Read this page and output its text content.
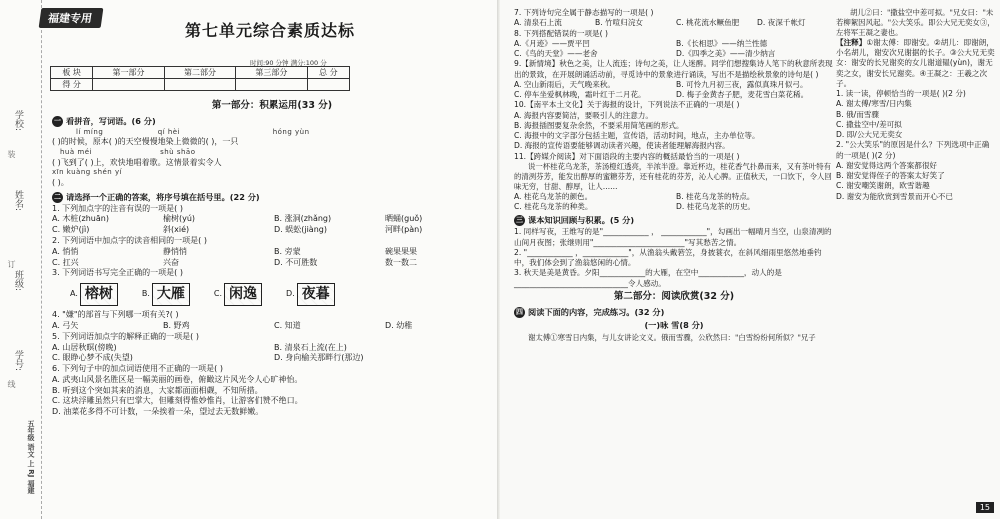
学校:
姓名:
班级:
学号:
装
订
线
五年级 语文 上 RJ 福建
福建专用
第七单元综合素质达标
时间:90 分钟 满分:100 分
板 块	第一部分	第二部分	第三部分	总 分
得 分				
第一部分：积累运用(33 分)
一 看拼音，写词语。(6 分)
lí míng                    qí hèi                                  hóng yùn
( )的时候，原本( )的天空慢慢地染上微微的( )，一只
huà méi                         shù shāo
( )飞到了( )上，欢快地唱着歌。这情景着实令人
xīn kuàng shén yí
( )。
二 请选择一个正确的答案，将序号填在括号里。(22 分)
1. 下列加点字的注音有误的一项是( )
A. 木桩(zhuān)	榆树(yú)	B. 涨洞(zhǎng)	晒蛹(guǒ)
C. 嫩炉(jì)	斜(xié)	D. 蜈蚣(jiàng)	河畔(pàn)
2. 下列词语中加点字的读音相同的一项是( )
A. 悄悄	静悄悄	B. 旁蒙	碗果果果
C. 扛兴	兴奋	D. 不可胜数	数一数二
3. 下列词语书写完全正确的一项是( )
A. 榕树	B. 大雁	C. 闲逸	D. 夜暮
4. "嫌"的部首与下列哪一项有关?( )
A. 弓矢	B. 野鸡	C. 知道	D. 幼稚
5. 下列词语加点字的解释正确的一项是( )
A. 山居秋暝(傍晚)	B. 清泉石上流(在上)
C. 眼睁心梦不成(失望)	D. 身向榆关那畔行(那边)
6. 下列句子中的加点词语使用不正确的一项是( )
A. 武夷山风景名胜区是一幅美丽的画卷，俯瞰这片风光令人心旷神怡。
B. 听到这个突如其来的消息，大家都面面相觑，不知所措。
C. 这块浮雕虽然只有巴掌大，但雕刻得惟妙惟肖，让游客们赞不绝口。
D. 油菜花多得不可计数，一朵挨着一朵，望过去无数鲜嫩。
7. 下列诗句完全属于静态描写的一项是( )
A. 清泉石上流	B. 竹喧归浣女	C. 桃花流水鳜鱼肥	D. 夜深千帐灯
8. 下列搭配错误的一项是( )
A.《月迹》——贾平凹	B.《长相思》——纳兰性德
C.《鸟的天堂》——老舍	D.《四季之美》——清少纳言
9.【新情境】秋色之美，让人流连；诗句之美，让人迷醉。同学们想搜集诗人笔下的秋意所表现出的景致，在开展朗诵活动前，寻觅诗中的景象进行诵读，写出不是描绘秋景象的诗句是( )
A. 空山新雨后，天气晚来秋。	B. 可怜九月初三夜，露似真珠月似弓。
C. 停车坐爱枫林晚，霜叶红于二月花。	D. 梅子金黄杏子肥，麦花雪白菜花稀。
10.【南平本土文化】关于海报的设计，下列说法不正确的一项是( )
A. 海报内容要简洁，要吸引人的注意力。
B. 海报插图要复杂余然，不要采用简笔画的形式。
C. 海报中的文字部分包括主题，宣传语，活动时间，地点，主办单位等。
D. 海报的宣传语要能够调动读者兴趣，使读者能理解海报内容。
11.【跨媒介阅读】对下面语段的主要内容的概括最恰当的一项是( )
说一杯桂花乌龙茶，茶汤橙红透亮，半浓半澄。靠近杯边，桂花香气扑鼻而来，又有茶叶特有的清洌芬芳，能发出醇厚的蜜糖芬芳，还有桂花的芬芳，沁人心脾。正值秋天，一口饮下，令人回味无穷，甘甜、醇厚，让人……
A. 桂花乌龙茶的颜色。	B. 桂花乌龙茶的特点。
C. 桂花乌龙茶的种类。	D. 桂花乌龙茶的历史。
三 课本知识回顾与积累。(5 分)
1. 同样写夜，王维写的是"____________ ， ____________"，勾画出一幅晴月当空，山泉清冽的山间月夜图；张继则用"________________________"写其愁苦之情。
2. "____________ ，____________"，从渔翁头戴箬笠，身披蓑衣，在斜风细雨里悠然地垂钓中，我们体会到了渔翁悠闲的心情。
3. 秋天是美是黄昏。夕阳____________的大雁，在空中____________，动人的是______________________________令人感动。
第二部分：阅读欣赏(32 分)
四 阅读下面的内容，完成练习。(32 分)
(一)咏 雪(8 分)
谢太傅①寒雪日内集，与儿女讲论文义。俄而雪骤，公欣然曰："白雪纷纷何所似？"兄子
胡儿②曰："撒盐空中差可拟。"兄女曰："未若柳絮因风起。"公大笑乐。即公大兄无奕女③，左将军王凝之妻也。
【注释】①谢太傅：即谢安。②胡儿：即谢朗，小名胡儿，谢安次兄谢据的长子。③公大兄无奕女：谢安的长兄谢奕的女儿谢道韫(yùn)，谢无奕之女，谢安长兄谢奕。④王凝之：王羲之次子。
1. 读一读，停顿恰当的一项是( )(2 分)
A. 谢太傅/寒雪/日内集
B. 俄/而雪骤
C. 撒盐空中/差可拟
D. 即/公大兄无奕女
2. "公大笑乐"的原因是什么？下列选项中正确的一项是( )(2 分)
A. 谢安觉得这两个答案都很好
B. 谢安觉得侄子的答案太好笑了
C. 谢安嘲笑谢朗，欧雪谐趣
D. 谢安为能欣赏到雪景而开心不已
15
